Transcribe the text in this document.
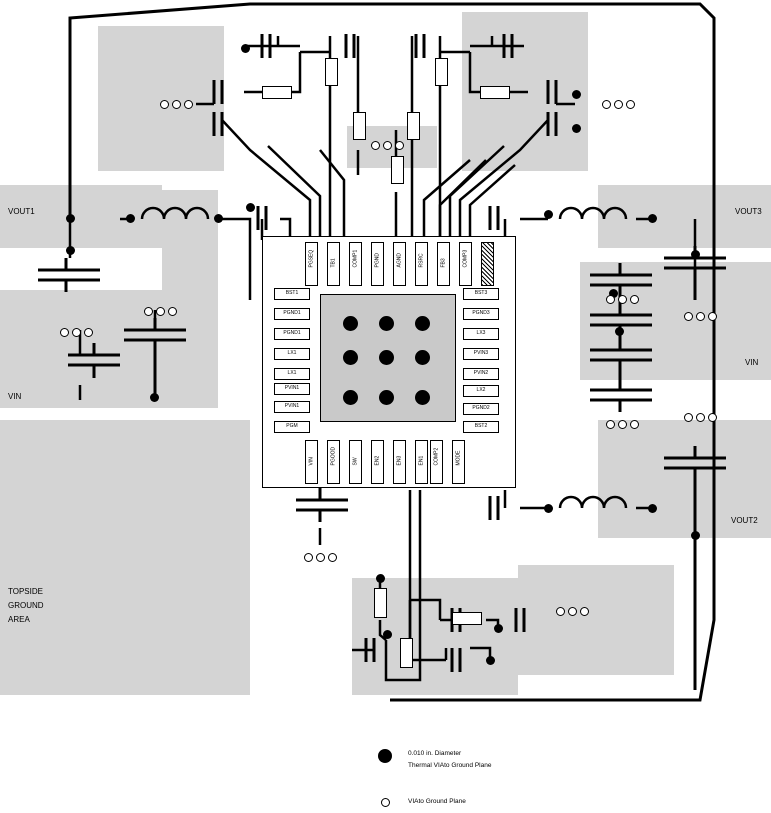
PGSEQ	TB1	COMP1	PGND	AGND	RSRC	FB3	COMP3
BST1
PGND1
PGND1
LX1
LX1
PVIN1
PVIN1
PGM
BST3
PGND3
LX3
PVIN3
PVIN2
LX2
PGND2
BST2
VIN	PGOOD	SW	EN2	EN3	EN1 COMP2	MODE
VOUT1	VOUT3
VIN
VIN
VOUT2
TOPSIDE
GROUND
AREA
0.010 in. Diameter
Thermal VIAto Ground Plane
VIAto Ground Plane
